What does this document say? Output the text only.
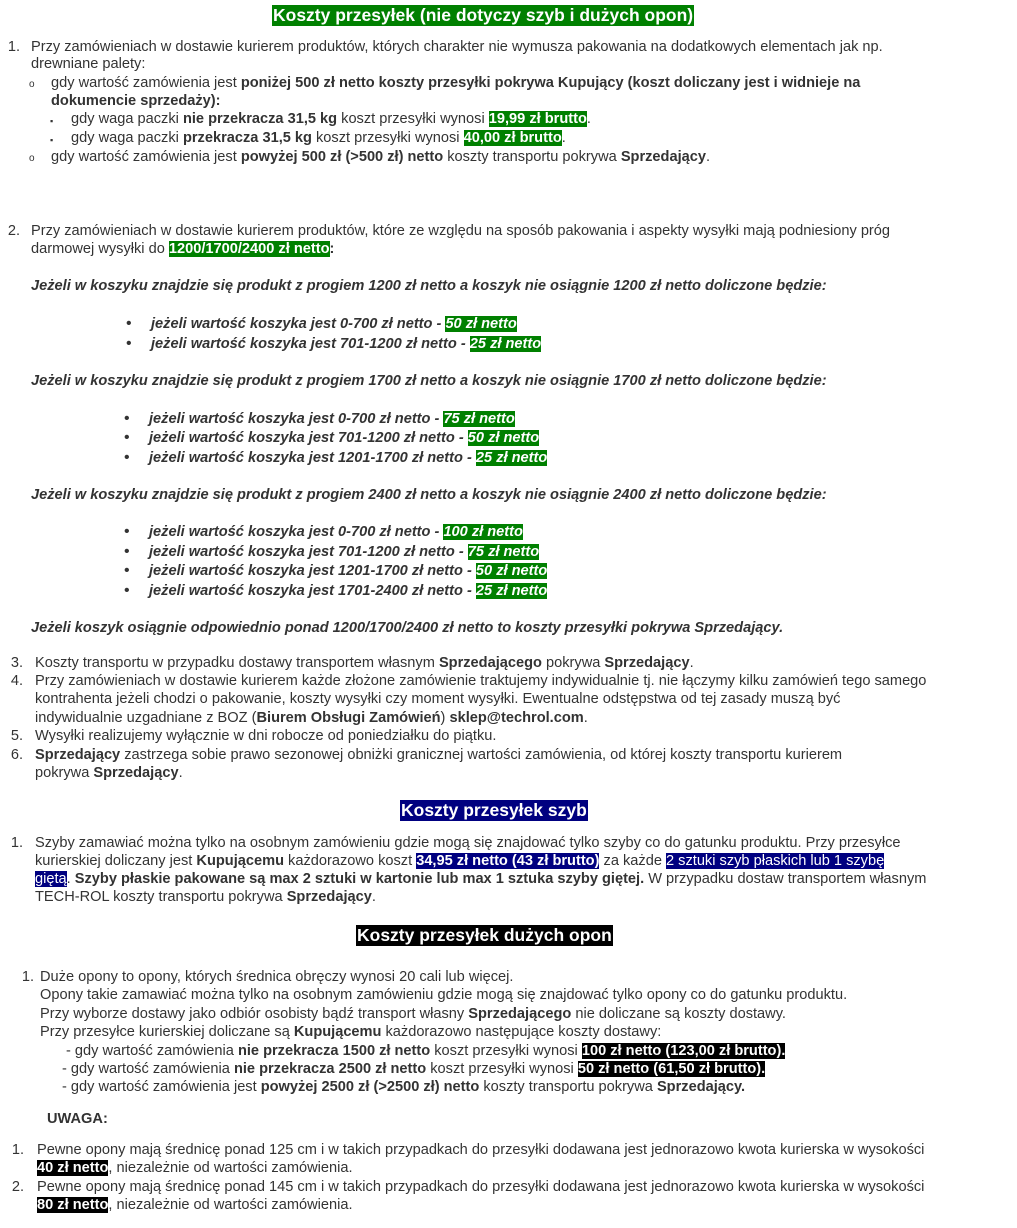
Koszty przesyłek (nie dotyczy szyb i dużych opon)
1. Przy zamówieniach w dostawie kurierem produktów, których charakter nie wymusza pakowania na dodatkowych elementach jak np.
drewniane palety:
o gdy wartość zamówienia jest poniżej 500 zł netto koszty przesyłki pokrywa Kupujący (koszt doliczany jest i widnieje na
dokumencie sprzedaży):
▪ gdy waga paczki nie przekracza 31,5 kg koszt przesyłki wynosi 19,99 zł brutto.
▪ gdy waga paczki przekracza 31,5 kg koszt przesyłki wynosi 40,00 zł brutto.
o gdy wartość zamówienia jest powyżej 500 zł (>500 zł) netto koszty transportu pokrywa Sprzedający.
2. Przy zamówieniach w dostawie kurierem produktów, które ze względu na sposób pakowania i aspekty wysyłki mają podniesiony próg
darmowej wysyłki do 1200/1700/2400 zł netto:
Jeżeli w koszyku znajdzie się produkt z progiem 1200 zł netto a koszyk nie osiągnie 1200 zł netto doliczone będzie:
• jeżeli wartość koszyka jest 0-700 zł netto - 50 zł netto
• jeżeli wartość koszyka jest 701-1200 zł netto - 25 zł netto
Jeżeli w koszyku znajdzie się produkt z progiem 1700 zł netto a koszyk nie osiągnie 1700 zł netto doliczone będzie:
• jeżeli wartość koszyka jest 0-700 zł netto - 75 zł netto
• jeżeli wartość koszyka jest 701-1200 zł netto - 50 zł netto
• jeżeli wartość koszyka jest 1201-1700 zł netto - 25 zł netto
Jeżeli w koszyku znajdzie się produkt z progiem 2400 zł netto a koszyk nie osiągnie 2400 zł netto doliczone będzie:
• jeżeli wartość koszyka jest 0-700 zł netto - 100 zł netto
• jeżeli wartość koszyka jest 701-1200 zł netto - 75 zł netto
• jeżeli wartość koszyka jest 1201-1700 zł netto - 50 zł netto
• jeżeli wartość koszyka jest 1701-2400 zł netto - 25 zł netto
Jeżeli koszyk osiągnie odpowiednio ponad 1200/1700/2400 zł netto to koszty przesyłki pokrywa Sprzedający.
3. Koszty transportu w przypadku dostawy transportem własnym Sprzedającego pokrywa Sprzedający.
4. Przy zamówieniach w dostawie kurierem każde złożone zamówienie traktujemy indywidualnie tj. nie łączymy kilku zamówień tego samego
kontrahenta jeżeli chodzi o pakowanie, koszty wysyłki czy moment wysyłki. Ewentualne odstępstwa od tej zasady muszą być
indywidualnie uzgadniane z BOZ (Biurem Obsługi Zamówień) sklep@techrol.com.
5. Wysyłki realizujemy wyłącznie w dni robocze od poniedziałku do piątku.
6. Sprzedający zastrzega sobie prawo sezonowej obniżki granicznej wartości zamówienia, od której koszty transportu kurierem
pokrywa Sprzedający.
Koszty przesyłek szyb
1. Szyby zamawiać można tylko na osobnym zamówieniu gdzie mogą się znajdować tylko szyby co do gatunku produktu. Przy przesyłce
kurierskiej doliczany jest Kupującemu każdorazowo koszt 34,95 zł netto (43 zł brutto) za każde 2 sztuki szyb płaskich lub 1 szybę
giętą. Szyby płaskie pakowane są max 2 sztuki w kartonie lub max 1 sztuka szyby giętej. W przypadku dostaw transportem własnym
TECH-ROL koszty transportu pokrywa Sprzedający.
Koszty przesyłek dużych opon
1. Duże opony to opony, których średnica obręczy wynosi 20 cali lub więcej.
Opony takie zamawiać można tylko na osobnym zamówieniu gdzie mogą się znajdować tylko opony co do gatunku produktu.
Przy wyborze dostawy jako odbiór osobisty bądź transport własny Sprzedającego nie doliczane są koszty dostawy.
Przy przesyłce kurierskiej doliczane są Kupującemu każdorazowo następujące koszty dostawy:
- gdy wartość zamówienia nie przekracza 1500 zł netto koszt przesyłki wynosi 100 zł netto (123,00 zł brutto).
- gdy wartość zamówienia nie przekracza 2500 zł netto koszt przesyłki wynosi 50 zł netto (61,50 zł brutto).
- gdy wartość zamówienia jest powyżej 2500 zł (>2500 zł) netto koszty transportu pokrywa Sprzedający.
UWAGA:
1. Pewne opony mają średnicę ponad 125 cm i w takich przypadkach do przesyłki dodawana jest jednorazowo kwota kurierska w wysokości
40 zł netto, niezależnie od wartości zamówienia.
2. Pewne opony mają średnicę ponad 145 cm i w takich przypadkach do przesyłki dodawana jest jednorazowo kwota kurierska w wysokości
80 zł netto, niezależnie od wartości zamówienia.
